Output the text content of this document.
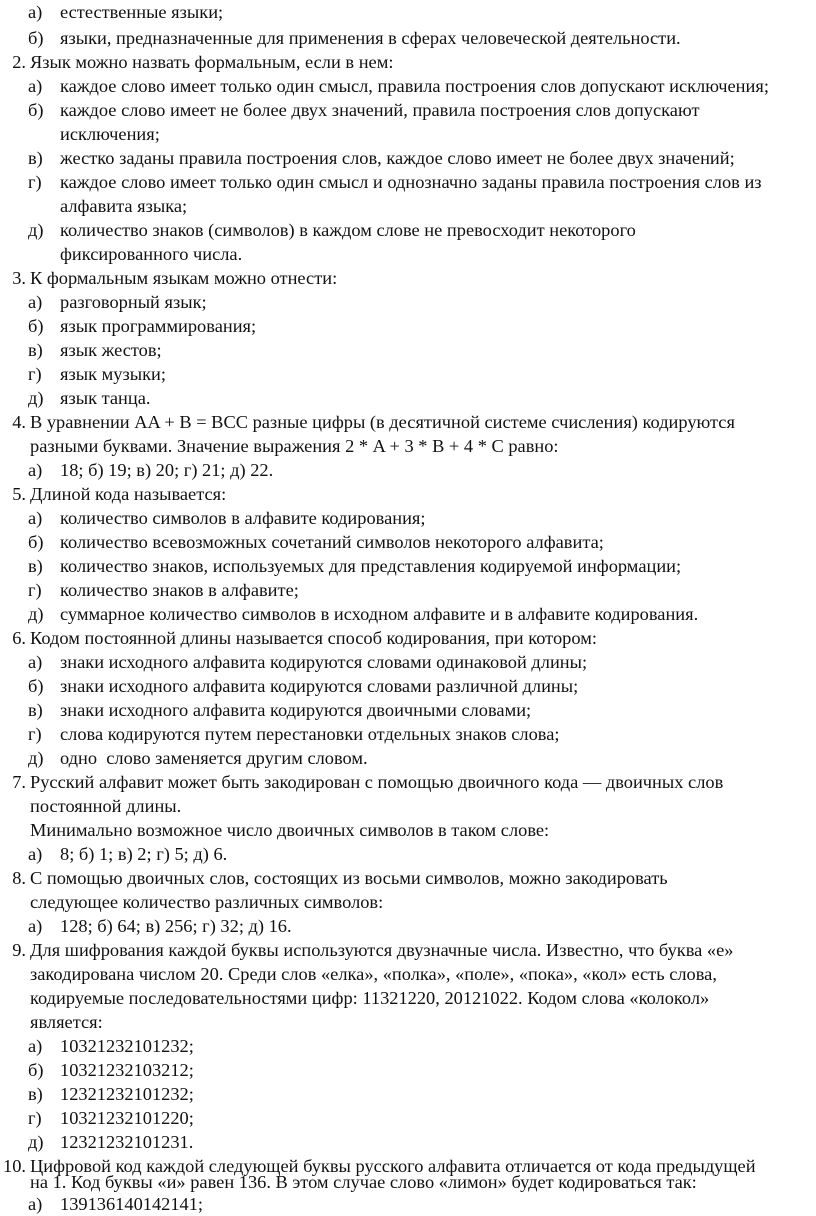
а) естественные языки;
б) языки, предназначенные для применения в сферах человеческой деятельности.
2. Язык можно назвать формальным, если в нем:
а) каждое слово имеет только один смысл, правила построения слов допускают исключения;
б) каждое слово имеет не более двух значений, правила построения слов допускают
исключения;
в) жестко заданы правила построения слов, каждое слово имеет не более двух значений;
г) каждое слово имеет только один смысл и однозначно заданы правила построения слов из
алфавита языка;
д) количество знаков (символов) в каждом слове не превосходит некоторого
фиксированного числа.
3. К формальным языкам можно отнести:
а) разговорный язык;
б) язык программирования;
в) язык жестов;
г) язык музыки;
д) язык танца.
4. В уравнении AA + B = BCC разные цифры (в десятичной системе счисления) кодируются
разными буквами. Значение выражения 2 * A + 3 * B + 4 * C равно:
а) 18; б) 19; в) 20; г) 21; д) 22.
5. Длиной кода называется:
а) количество символов в алфавите кодирования;
б) количество всевозможных сочетаний символов некоторого алфавита;
в) количество знаков, используемых для представления кодируемой информации;
г) количество знаков в алфавите;
д) суммарное количество символов в исходном алфавите и в алфавите кодирования.
6. Кодом постоянной длины называется способ кодирования, при котором:
а) знаки исходного алфавита кодируются словами одинаковой длины;
б) знаки исходного алфавита кодируются словами различной длины;
в) знаки исходного алфавита кодируются двоичными словами;
г) слова кодируются путем перестановки отдельных знаков слова;
д) одно  слово заменяется другим словом.
7. Русский алфавит может быть закодирован с помощью двоичного кода — двоичных слов
постоянной длины.
Минимально возможное число двоичных символов в таком слове:
а) 8; б) 1; в) 2; г) 5; д) 6.
8. С помощью двоичных слов, состоящих из восьми символов, можно закодировать
следующее количество различных символов:
а) 128; б) 64; в) 256; г) 32; д) 16.
9. Для шифрования каждой буквы используются двузначные числа. Известно, что буква «е»
закодирована числом 20. Среди слов «елка», «полка», «поле», «пока», «кол» есть слова,
кодируемые последовательностями цифр: 11321220, 20121022. Кодом слова «колокол»
является:
а) 10321232101232;
б) 10321232103212;
в) 12321232101232;
г) 10321232101220;
д) 12321232101231.
10. Цифровой код каждой следующей буквы русского алфавита отличается от кода предыдущей
на 1. Код буквы «и» равен 136. В этом случае слово «лимон» будет кодироваться так:
а) 139136140142141;
